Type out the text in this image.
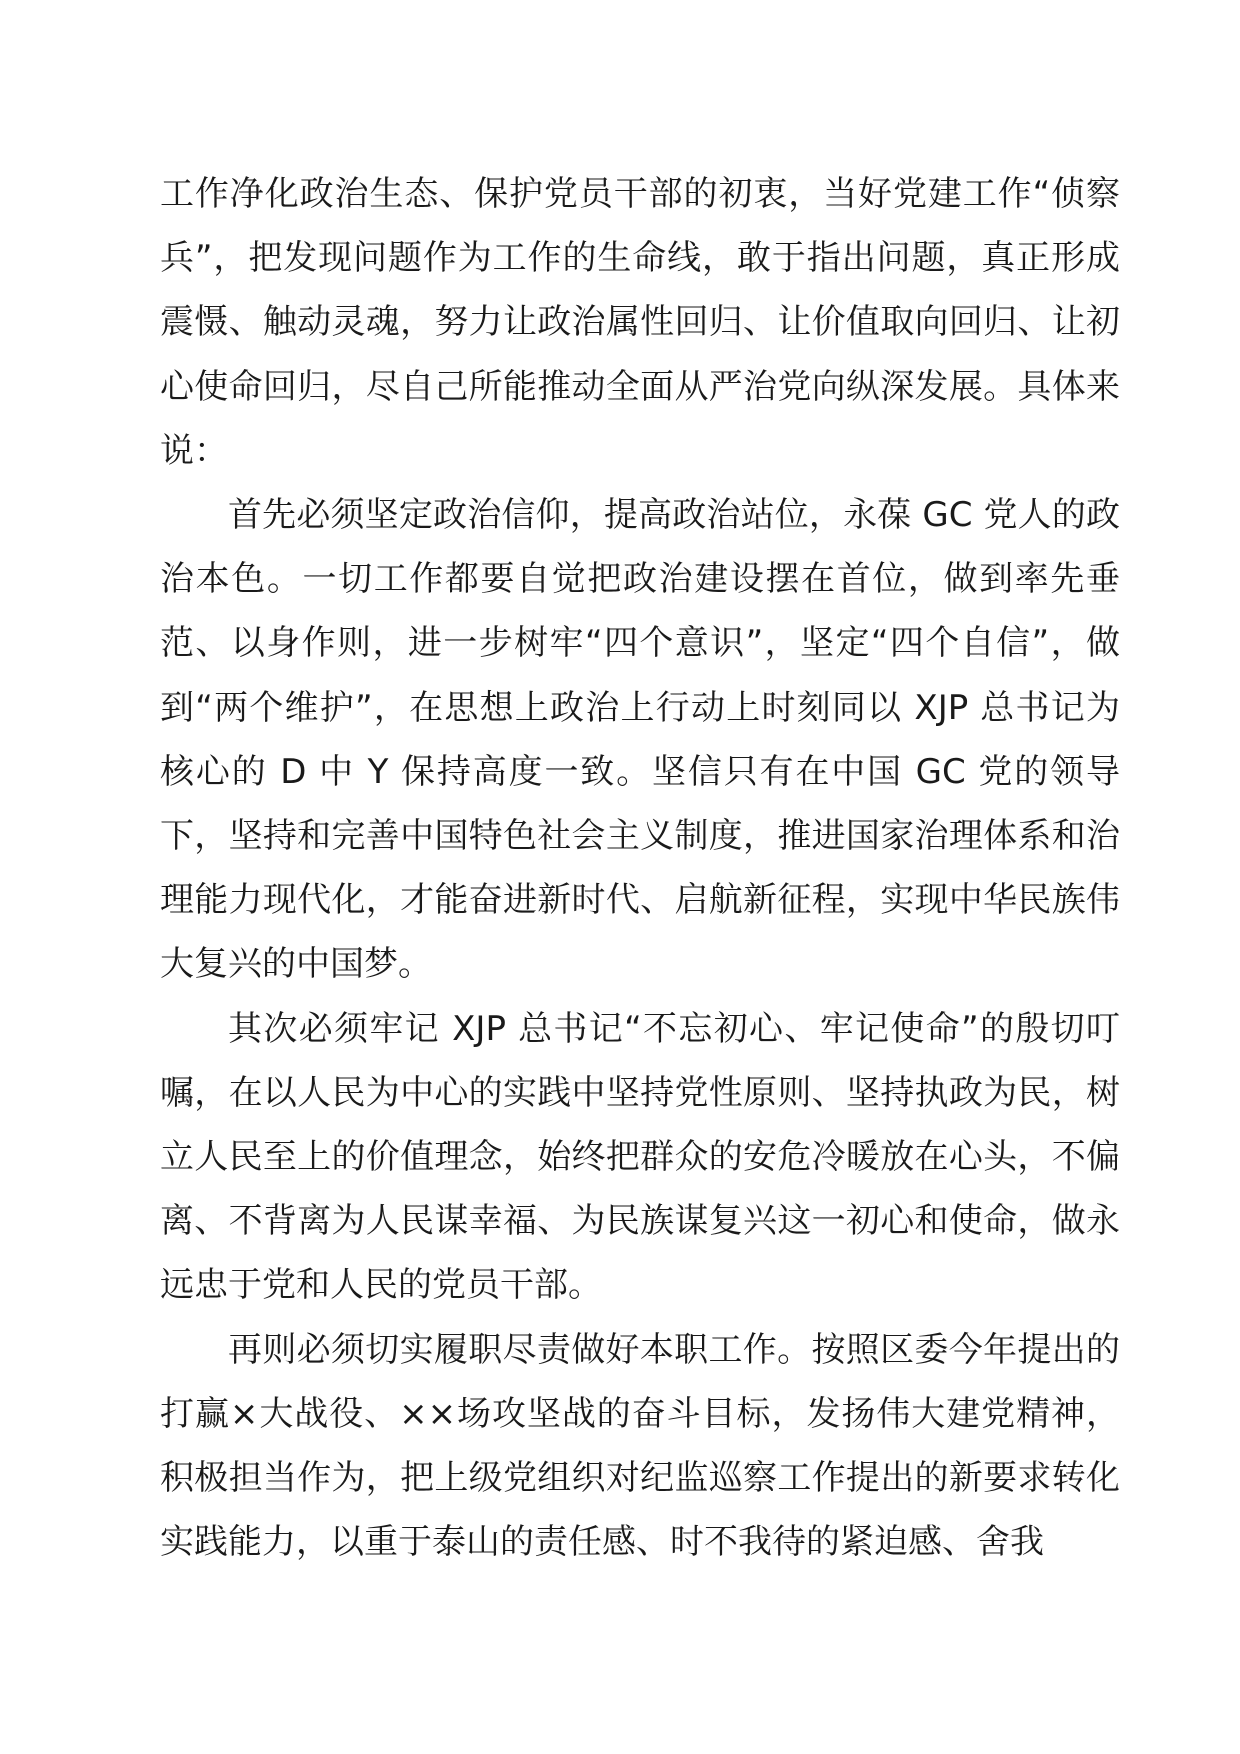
工作净化政治生态、保护党员干部的初衷，当好党建工作“侦察兵”，把发现问题作为工作的生命线，敢于指出问题，真正形成震慑、触动灵魂，努力让政治属性回归、让价值取向回归、让初心使命回归，尽自己所能推动全面从严治党向纵深发展。具体来说：

首先必须坚定政治信仰，提高政治站位，永葆 GC 党人的政治本色。一切工作都要自觉把政治建设摆在首位，做到率先垂范、以身作则，进一步树牢“四个意识”，坚定“四个自信”，做到“两个维护”，在思想上政治上行动上时刻同以 XJP 总书记为核心的 D 中 Y 保持高度一致。坚信只有在中国 GC 党的领导下，坚持和完善中国特色社会主义制度，推进国家治理体系和治理能力现代化，才能奋进新时代、启航新征程，实现中华民族伟大复兴的中国梦。

其次必须牢记 XJP 总书记“不忘初心、牢记使命”的殷切叮嘱，在以人民为中心的实践中坚持党性原则、坚持执政为民，树立人民至上的价值理念，始终把群众的安危冷暖放在心头，不偏离、不背离为人民谋幸福、为民族谋复兴这一初心和使命，做永远忠于党和人民的党员干部。

再则必须切实履职尽责做好本职工作。按照区委今年提出的打赢×大战役、××场攻坚战的奋斗目标，发扬伟大建党精神，积极担当作为，把上级党组织对纪监巡察工作提出的新要求转化实践能力，以重于泰山的责任感、时不我待的紧迫感、舍我
